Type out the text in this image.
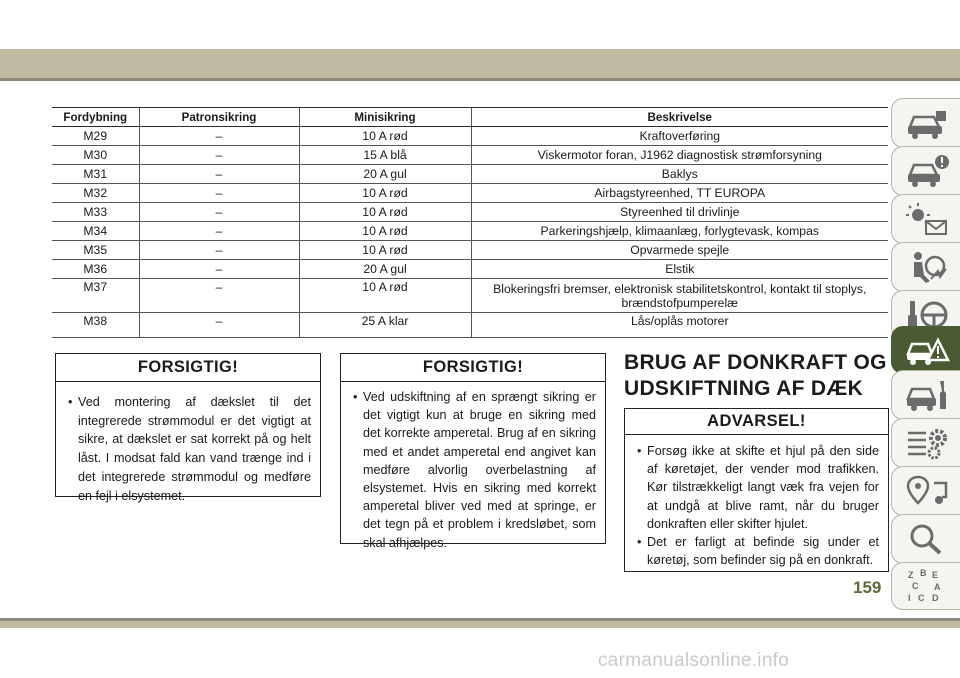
Fordybning	Patronsikring	Minisikring	Beskrivelse
M29	–	10 A rød	Kraftoverføring
M30	–	15 A blå	Viskermotor foran, J1962 diagnostisk strømforsyning
M31	–	20 A gul	Baklys
M32	–	10 A rød	Airbagstyreenhed, TT EUROPA
M33	–	10 A rød	Styreenhed til drivlinje
M34	–	10 A rød	Parkeringshjælp, klimaanlæg, forlygtevask, kompas
M35	–	10 A rød	Opvarmede spejle
M36	–	20 A gul	Elstik
M37	–	10 A rød	Blokeringsfri bremser, elektronisk stabilitetskontrol, kontakt til stoplys, brændstofpumperelæ
M38	–	25 A klar	Lås/oplås motorer
FORSIGTIG!

• Ved montering af dækslet til det integrerede strømmodul er det vigtigt at sikre, at dækslet er sat korrekt på og helt låst. I modsat fald kan vand trænge ind i det integrerede strømmodul og medføre en fejl i elsystemet.

FORSIGTIG!

• Ved udskiftning af en sprængt sikring er det vigtigt kun at bruge en sikring med det korrekte amperetal. Brug af en sikring med et andet amperetal end angivet kan medføre alvorlig overbelastning af elsystemet. Hvis en sikring med korrekt amperetal bliver ved med at springe, er det tegn på et problem i kredsløbet, som skal afhjælpes.

BRUG AF DONKRAFT OG UDSKIFTNING AF DÆK
ADVARSEL!

• Forsøg ikke at skifte et hjul på den side af køretøjet, der vender mod trafikken. Kør tilstrækkeligt langt væk fra vejen for at undgå at blive ramt, når du bruger donkraften eller skifter hjulet.

• Det er farligt at befinde sig under et køretøj, som befinder sig på en donkraft.

Z B E
C A
I C D
159
carmanualsonline.info
